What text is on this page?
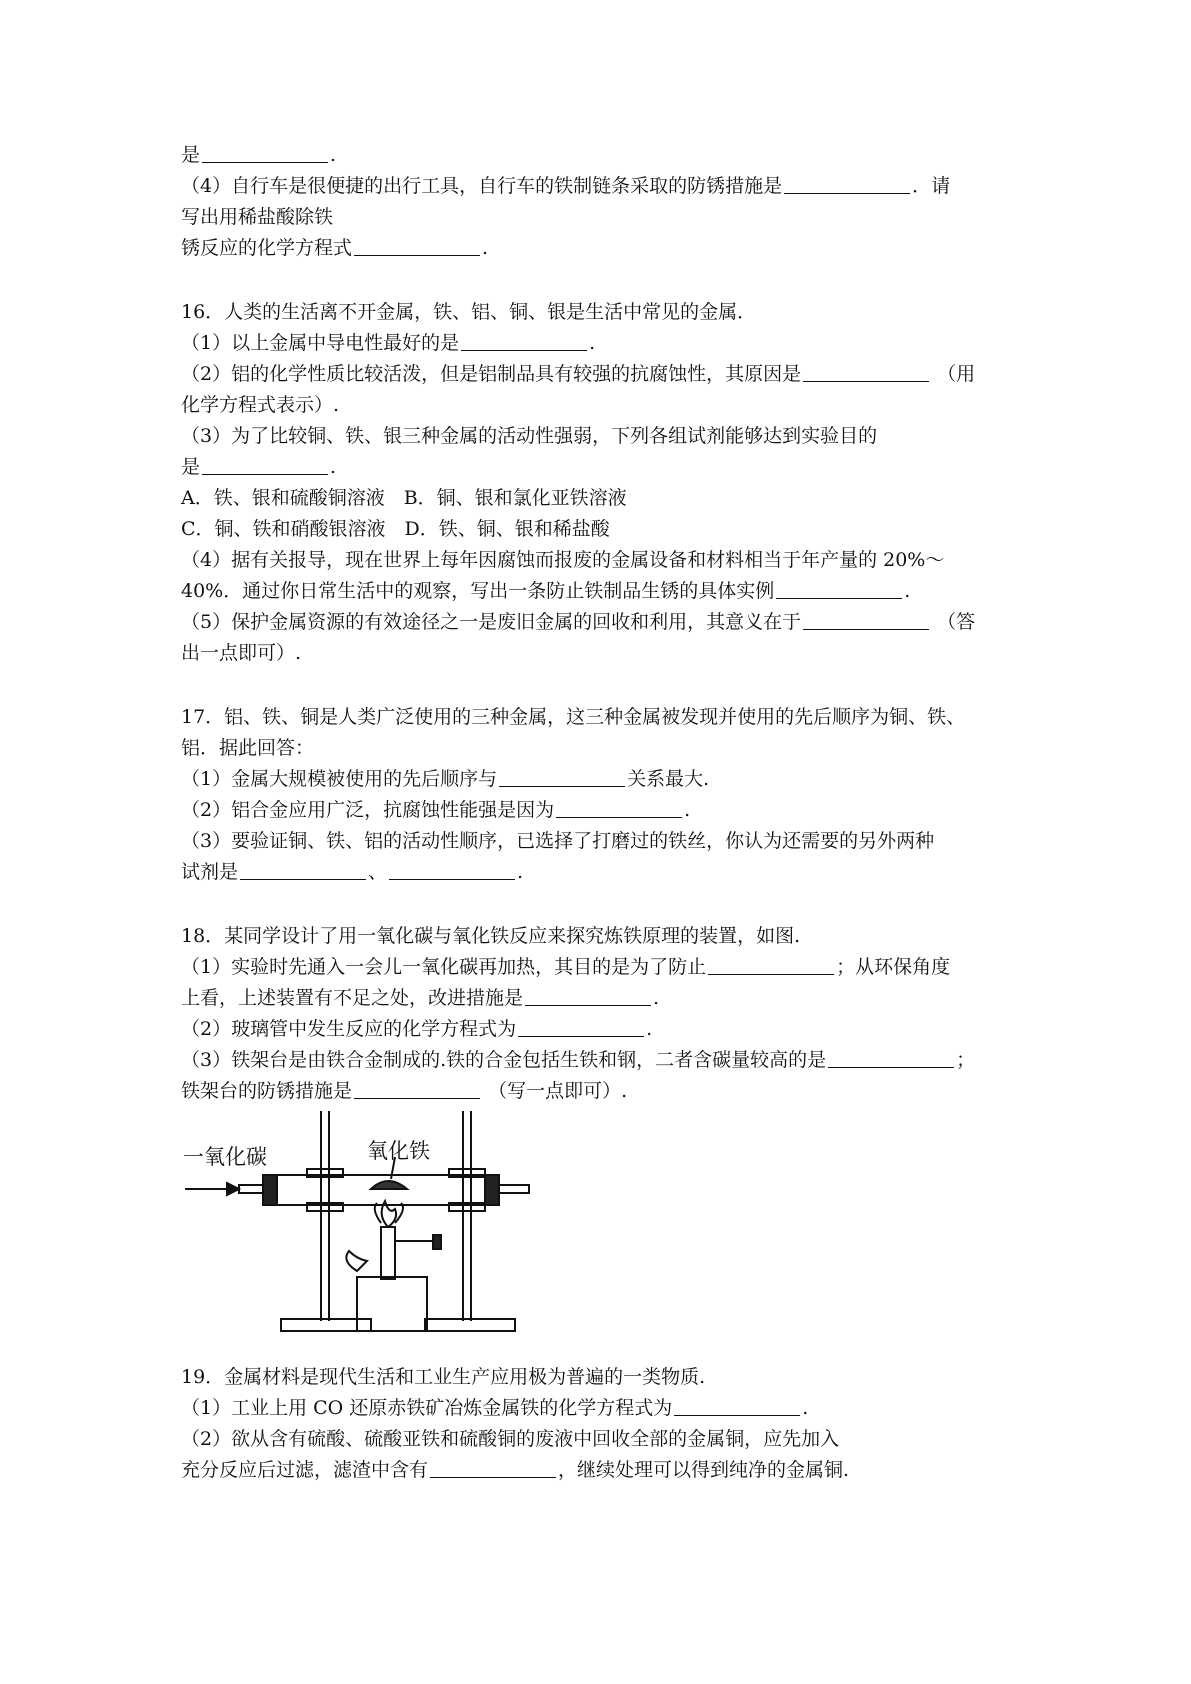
是	.
（4）自行车是很便捷的出行工具，自行车的铁制链条采取的防锈措施是	．请
写出用稀盐酸除铁
锈反应的化学方程式	.
16．人类的生活离不开金属，铁、铝、铜、银是生活中常见的金属．
（1）以上金属中导电性最好的是	.
（2）铝的化学性质比较活泼，但是铝制品具有较强的抗腐蚀性，其原因是	（用
化学方程式表示）.
（3）为了比较铜、铁、银三种金属的活动性强弱，下列各组试剂能够达到实验目的
是	.
A．铁、银和硫酸铜溶液　B．铜、银和氯化亚铁溶液
C．铜、铁和硝酸银溶液　D．铁、铜、银和稀盐酸
（4）据有关报导，现在世界上每年因腐蚀而报废的金属设备和材料相当于年产量的 20%～
40%．通过你日常生活中的观察，写出一条防止铁制品生锈的具体实例	.
（5）保护金属资源的有效途径之一是废旧金属的回收和利用，其意义在于	（答
出一点即可）.
17．铝、铁、铜是人类广泛使用的三种金属，这三种金属被发现并使用的先后顺序为铜、铁、
铝．据此回答：
（1）金属大规模被使用的先后顺序与	关系最大.
（2）铝合金应用广泛，抗腐蚀性能强是因为	.
（3）要验证铜、铁、铝的活动性顺序，已选择了打磨过的铁丝，你认为还需要的另外两种
试剂是	、	.
18．某同学设计了用一氧化碳与氧化铁反应来探究炼铁原理的装置，如图.
（1）实验时先通入一会儿一氧化碳再加热，其目的是为了防止	；从环保角度
上看，上述装置有不足之处，改进措施是	.
（2）玻璃管中发生反应的化学方程式为	.
（3）铁架台是由铁合金制成的.铁的合金包括生铁和钢，二者含碳量较高的是	；
铁架台的防锈措施是	（写一点即可）.
一氧化碳	氧化铁
19．金属材料是现代生活和工业生产应用极为普遍的一类物质.
（1）工业上用 CO 还原赤铁矿冶炼金属铁的化学方程式为	.
（2）欲从含有硫酸、硫酸亚铁和硫酸铜的废液中回收全部的金属铜，应先加入
充分反应后过滤，滤渣中含有	，继续处理可以得到纯净的金属铜.
